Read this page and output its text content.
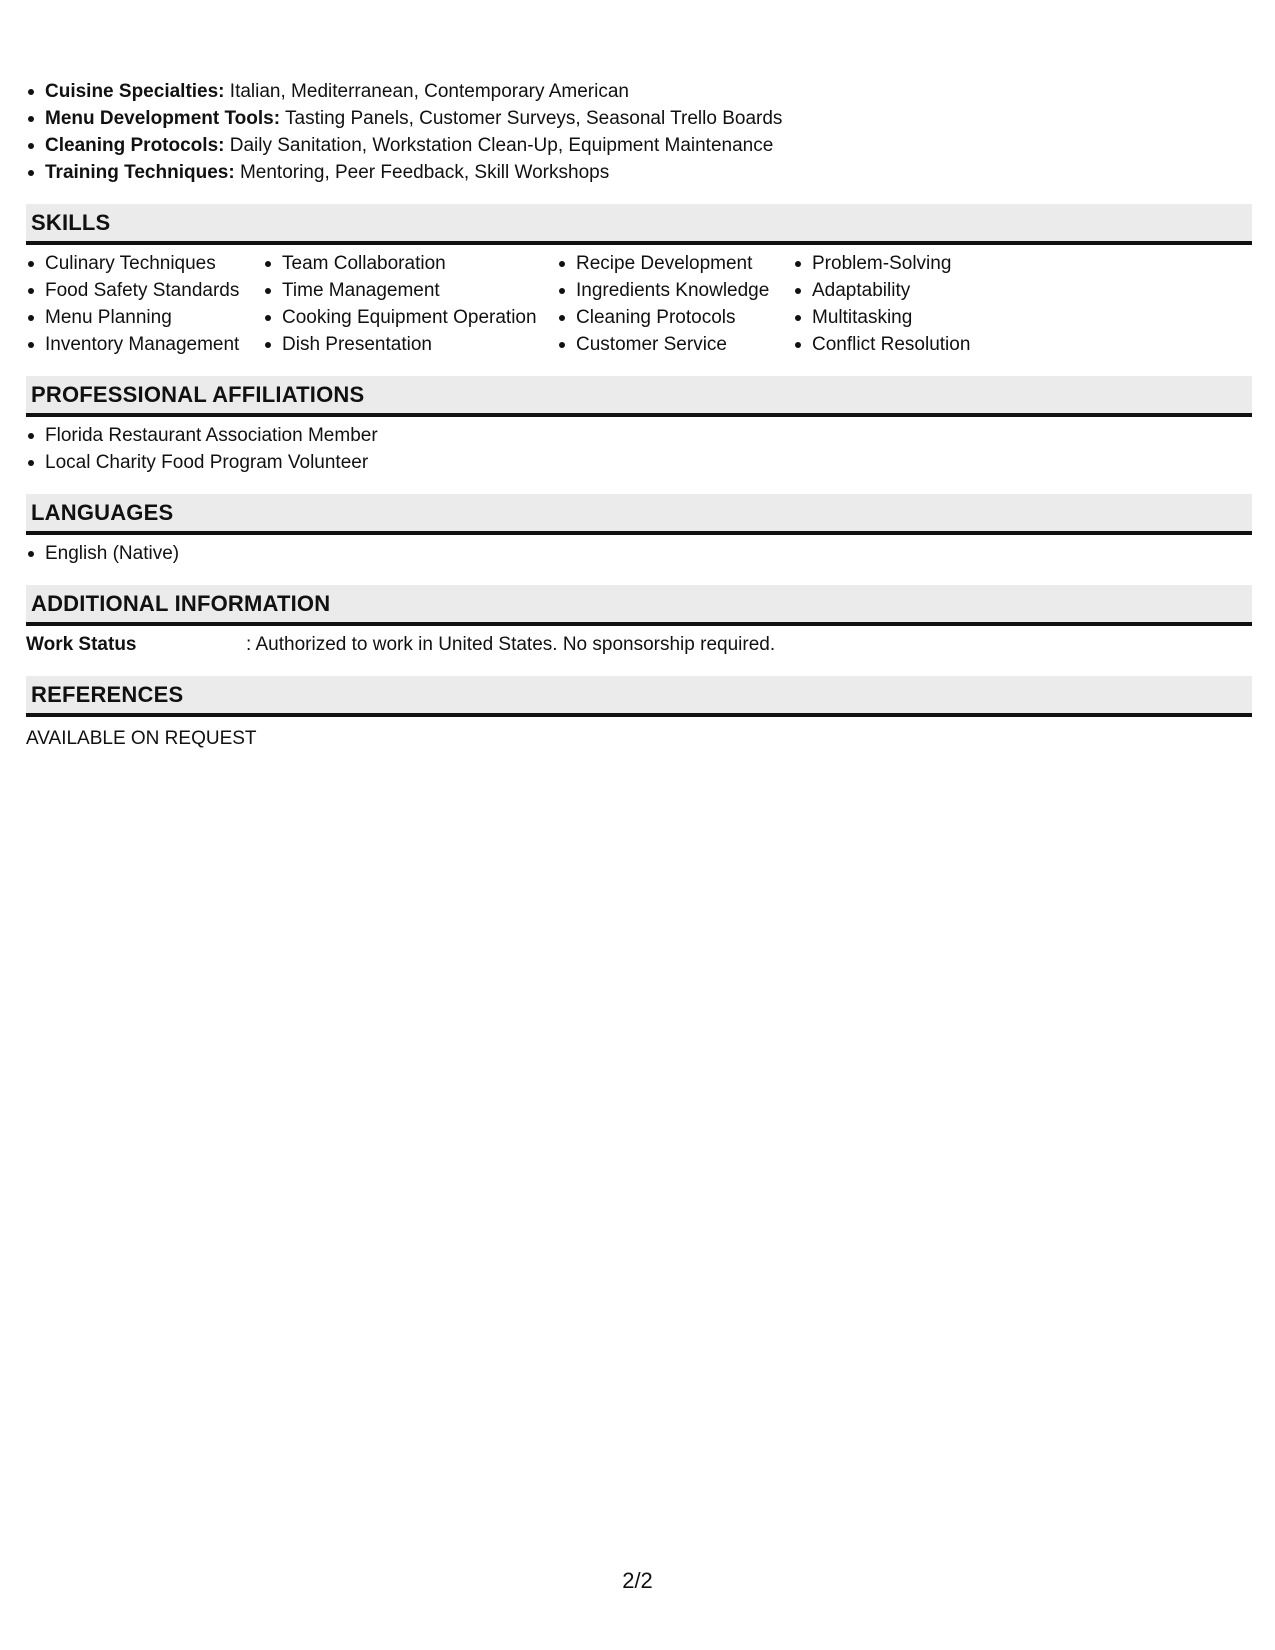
Cuisine Specialties: Italian, Mediterranean, Contemporary American
Menu Development Tools: Tasting Panels, Customer Surveys, Seasonal Trello Boards
Cleaning Protocols: Daily Sanitation, Workstation Clean-Up, Equipment Maintenance
Training Techniques: Mentoring, Peer Feedback, Skill Workshops
SKILLS
Culinary Techniques
Food Safety Standards
Menu Planning
Inventory Management
Team Collaboration
Time Management
Cooking Equipment Operation
Dish Presentation
Recipe Development
Ingredients Knowledge
Cleaning Protocols
Customer Service
Problem-Solving
Adaptability
Multitasking
Conflict Resolution
PROFESSIONAL AFFILIATIONS
Florida Restaurant Association Member
Local Charity Food Program Volunteer
LANGUAGES
English (Native)
ADDITIONAL INFORMATION
Work Status	: Authorized to work in United States. No sponsorship required.
REFERENCES
AVAILABLE ON REQUEST
2/2
